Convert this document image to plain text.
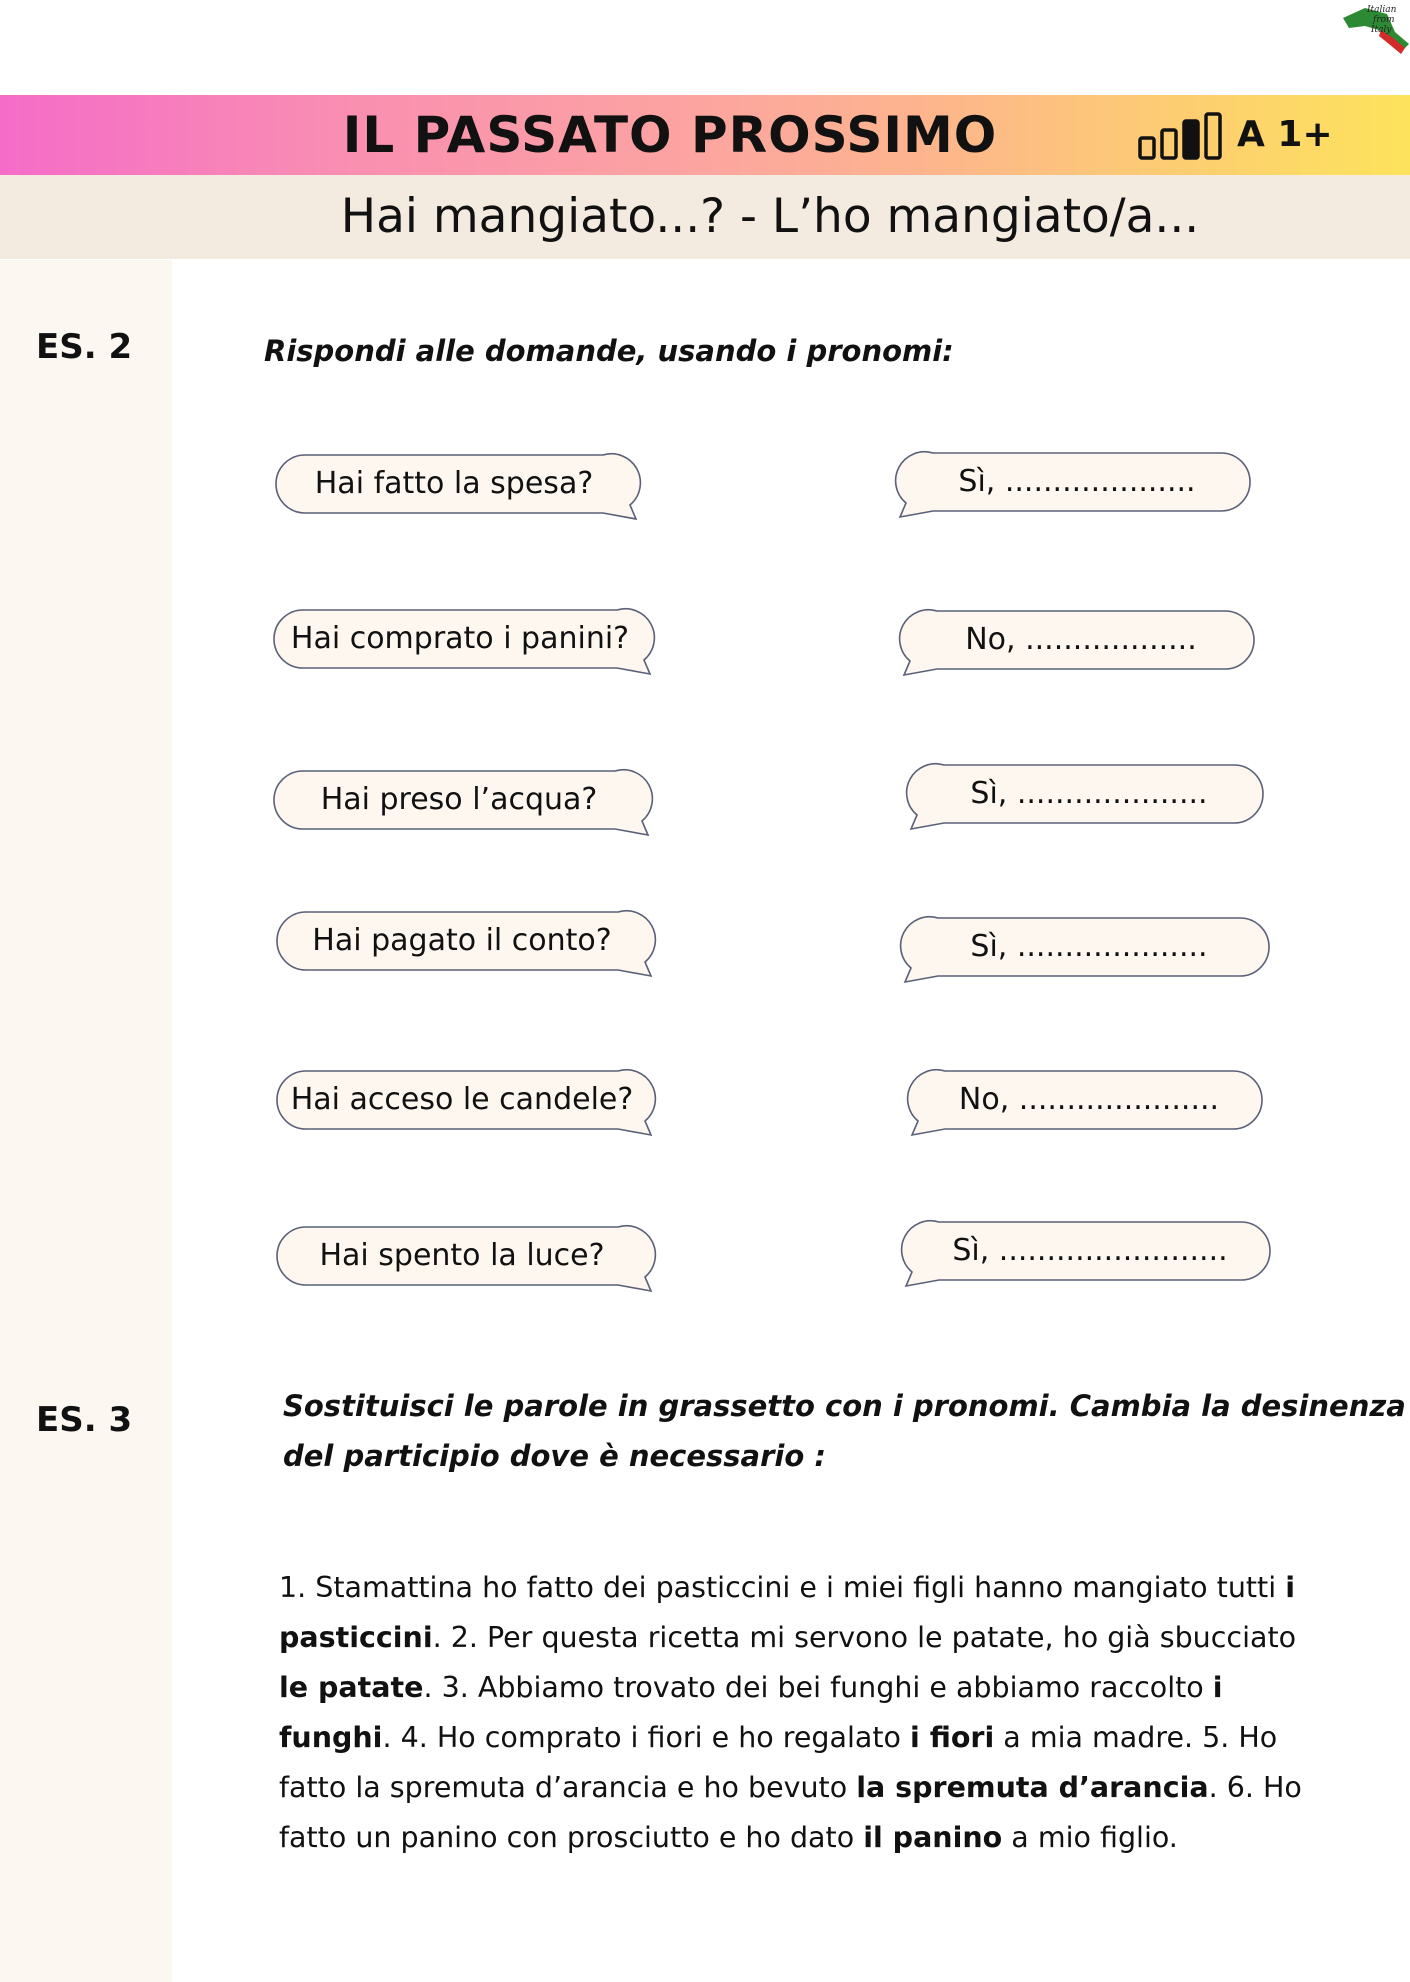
Italian
from
Italy
IL PASSATO PROSSIMO	A 1+
Hai mangiato...? - L’ho mangiato/a...
ES. 2	Rispondi alle domande, usando i pronomi:
Hai fatto la spesa?
Hai comprato i panini?
Hai preso l’acqua?
Hai pagato il conto?
Hai acceso le candele?
Hai spento la luce?
Sì, ....................
No, ..................
Sì, ....................
Sì, ....................
No, .....................
Sì, ........................
ES. 3	Sostituisci le parole in grassetto con i pronomi. Cambia la desinenza
del participio dove è necessario :
1. Stamattina ho fatto dei pasticcini e i miei figli hanno mangiato tutti i pasticcini. 2. Per questa ricetta mi servono le patate, ho già sbucciato le patate. 3. Abbiamo trovato dei bei funghi e abbiamo raccolto i funghi. 4. Ho comprato i fiori e ho regalato i fiori a mia madre. 5. Ho fatto la spremuta d’arancia e ho bevuto la spremuta d’arancia. 6. Ho fatto un panino con prosciutto e ho dato il panino a mio figlio.
